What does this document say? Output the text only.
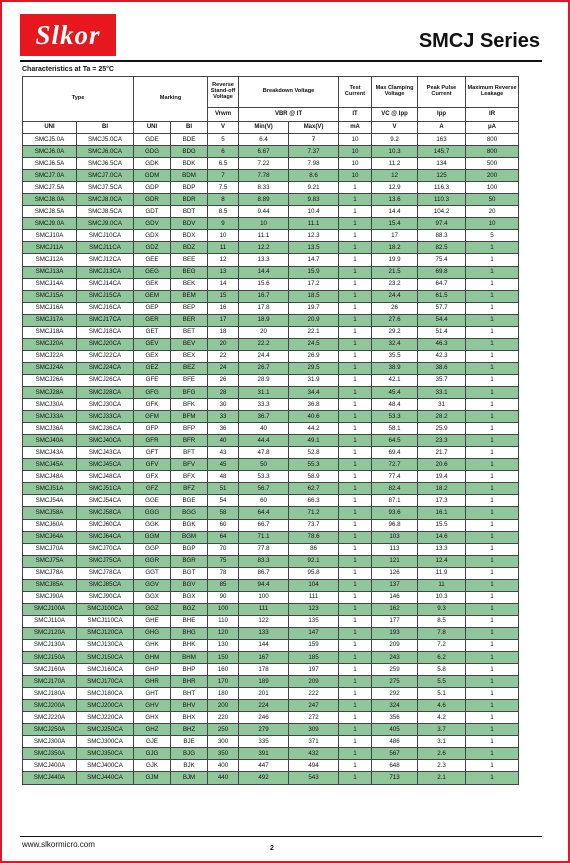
Slkor	SMCJ Series
Characteristics at Ta = 25°C
Type		Marking		Reverse Stand-off Voltage	Breakdown Voltage		Test Current	Max Clamping Voltage	Peak Pulse Current	Maximum Reverse Leakage
				Vrwm	VBR @ IT		IT	VC @ Ipp	Ipp	IR
UNI	BI	UNI	BI	V	Min(V)	Max(V)	mA	V	A	μA
SMCJ5.0A	SMCJ5.0CA	GDE	BDE	5	6.4	7	10	9.2	163	800
SMCJ6.0A	SMCJ6.0CA	GDG	BDG	6	6.67	7.37	10	10.3	145.7	800
SMCJ6.5A	SMCJ6.5CA	GDK	BDK	6.5	7.22	7.98	10	11.2	134	500
SMCJ7.0A	SMCJ7.0CA	GDM	BDM	7	7.78	8.6	10	12	125	200
SMCJ7.5A	SMCJ7.5CA	GDP	BDP	7.5	8.33	9.21	1	12.9	116.3	100
SMCJ8.0A	SMCJ8.0CA	GDR	BDR	8	8.89	9.83	1	13.6	110.3	50
SMCJ8.5A	SMCJ8.5CA	GDT	BDT	8.5	9.44	10.4	1	14.4	104.2	20
SMCJ9.0A	SMCJ9.0CA	GDV	BDV	9	10	11.1	1	15.4	97.4	10
SMCJ10A	SMCJ10CA	GDX	BDX	10	11.1	12.3	1	17	88.3	5
SMCJ11A	SMCJ11CA	GDZ	BDZ	11	12.2	13.5	1	18.2	82.5	1
SMCJ12A	SMCJ12CA	GEE	BEE	12	13.3	14.7	1	19.9	75.4	1
SMCJ13A	SMCJ13CA	GEG	BEG	13	14.4	15.9	1	21.5	69.8	1
SMCJ14A	SMCJ14CA	GEK	BEK	14	15.6	17.2	1	23.2	64.7	1
SMCJ15A	SMCJ15CA	GEM	BEM	15	16.7	18.5	1	24.4	61.5	1
SMCJ16A	SMCJ16CA	GEP	BEP	16	17.8	19.7	1	26	57.7	1
SMCJ17A	SMCJ17CA	GER	BER	17	18.9	20.9	1	27.6	54.4	1
SMCJ18A	SMCJ18CA	GET	BET	18	20	22.1	1	29.2	51.4	1
SMCJ20A	SMCJ20CA	GEV	BEV	20	22.2	24.5	1	32.4	46.3	1
SMCJ22A	SMCJ22CA	GEX	BEX	22	24.4	26.9	1	35.5	42.3	1
SMCJ24A	SMCJ24CA	GEZ	BEZ	24	26.7	29.5	1	38.9	38.6	1
SMCJ26A	SMCJ26CA	GFE	BFE	26	28.9	31.9	1	42.1	35.7	1
SMCJ28A	SMCJ28CA	GFG	BFG	28	31.1	34.4	1	45.4	33.1	1
SMCJ30A	SMCJ30CA	GFK	BFK	30	33.3	36.8	1	48.4	31	1
SMCJ33A	SMCJ33CA	GFM	BFM	33	36.7	40.6	1	53.3	28.2	1
SMCJ36A	SMCJ36CA	GFP	BFP	36	40	44.2	1	58.1	25.9	1
SMCJ40A	SMCJ40CA	GFR	BFR	40	44.4	49.1	1	64.5	23.3	1
SMCJ43A	SMCJ43CA	GFT	BFT	43	47.8	52.8	1	69.4	21.7	1
SMCJ45A	SMCJ45CA	GFV	BFV	45	50	55.3	1	72.7	20.6	1
SMCJ48A	SMCJ48CA	GFX	BFX	48	53.3	58.9	1	77.4	19.4	1
SMCJ51A	SMCJ51CA	GFZ	BFZ	51	56.7	62.7	1	82.4	18.2	1
SMCJ54A	SMCJ54CA	GGE	BGE	54	60	66.3	1	87.1	17.3	1
SMCJ58A	SMCJ58CA	GGG	BGG	58	64.4	71.2	1	93.6	16.1	1
SMCJ60A	SMCJ60CA	GGK	BGK	60	66.7	73.7	1	96.8	15.5	1
SMCJ64A	SMCJ64CA	GGM	BGM	64	71.1	78.6	1	103	14.6	1
SMCJ70A	SMCJ70CA	GGP	BGP	70	77.8	86	1	113	13.3	1
SMCJ75A	SMCJ75CA	GGR	BGR	75	83.3	92.1	1	121	12.4	1
SMCJ78A	SMCJ78CA	GGT	BGT	78	86.7	95.8	1	126	11.9	1
SMCJ85A	SMCJ85CA	GGV	BGV	85	94.4	104	1	137	11	1
SMCJ90A	SMCJ90CA	GGX	BGX	90	100	111	1	146	10.3	1
SMCJ100A	SMCJ100CA	GGZ	BGZ	100	111	123	1	162	9.3	1
SMCJ110A	SMCJ110CA	GHE	BHE	110	122	135	1	177	8.5	1
SMCJ120A	SMCJ120CA	GHG	BHG	120	133	147	1	193	7.8	1
SMCJ130A	SMCJ130CA	GHK	BHK	130	144	159	1	209	7.2	1
SMCJ150A	SMCJ150CA	GHM	BHM	150	167	185	1	243	6.2	1
SMCJ160A	SMCJ160CA	GHP	BHP	160	178	197	1	259	5.8	1
SMCJ170A	SMCJ170CA	GHR	BHR	170	189	209	1	275	5.5	1
SMCJ180A	SMCJ180CA	GHT	BHT	180	201	222	1	292	5.1	1
SMCJ200A	SMCJ200CA	GHV	BHV	200	224	247	1	324	4.6	1
SMCJ220A	SMCJ220CA	GHX	BHX	220	246	272	1	356	4.2	1
SMCJ250A	SMCJ250CA	GHZ	BHZ	250	279	309	1	405	3.7	1
SMCJ300A	SMCJ300CA	GJE	BJE	300	335	371	1	486	3.1	1
SMCJ350A	SMCJ350CA	GJG	BJG	350	391	432	1	567	2.6	1
SMCJ400A	SMCJ400CA	GJK	BJK	400	447	494	1	648	2.3	1
SMCJ440A	SMCJ440CA	GJM	BJM	440	492	543	1	713	2.1	1
www.slkormicro.com	2
